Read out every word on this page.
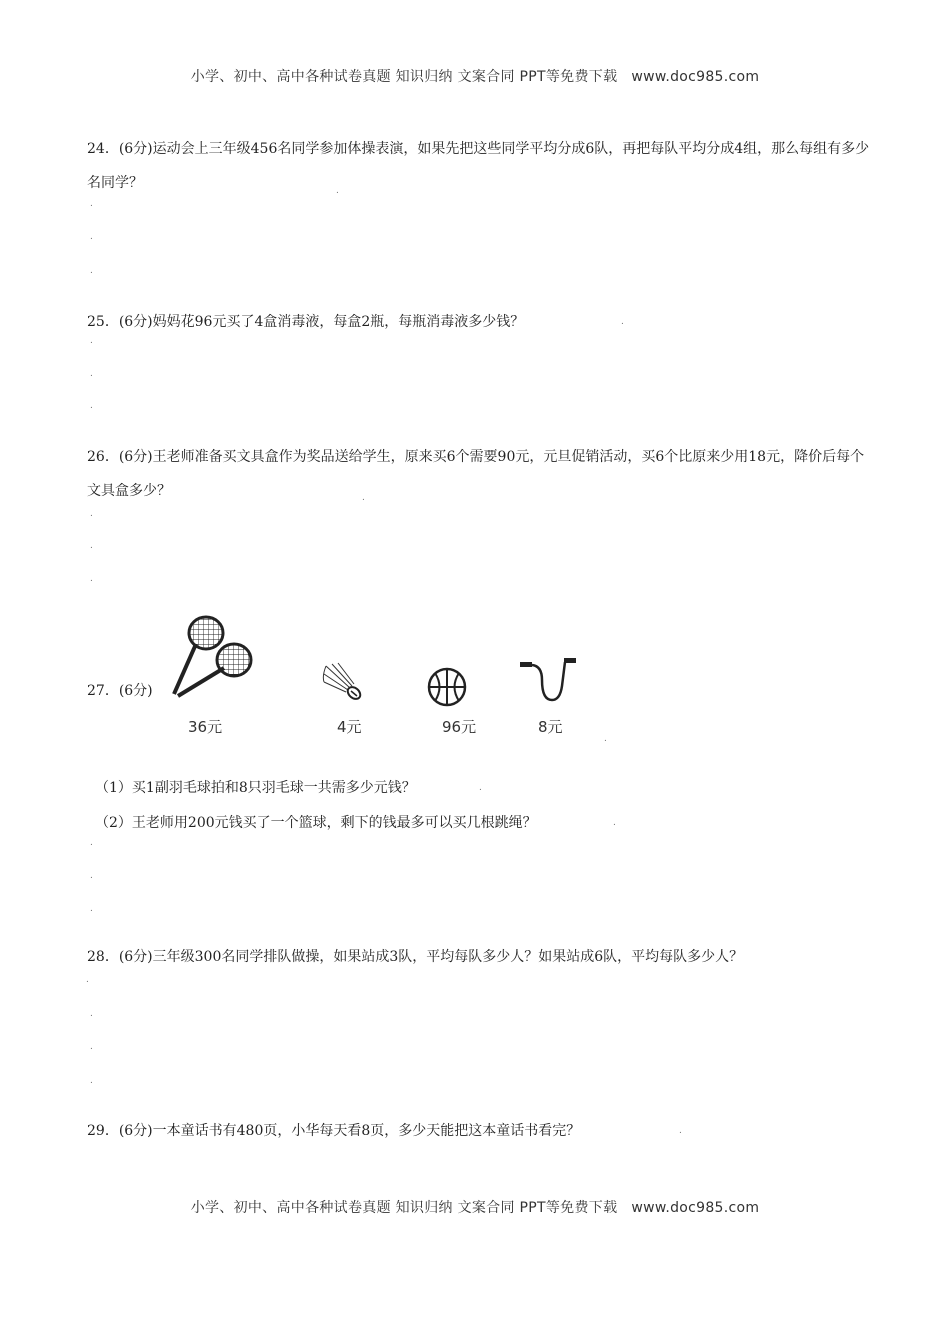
小学、初中、高中各种试卷真题 知识归纳 文案合同 PPT等免费下载 www.doc985.com
24．(6分)运动会上三年级456名同学参加体操表演，如果先把这些同学平均分成6队，再把每队平均分成4组，那么每组有多少名同学？	.
.
.
.
25．(6分)妈妈花96元买了4盒消毒液，每盒2瓶，每瓶消毒液多少钱？	.
.
.
.
26．(6分)王老师准备买文具盒作为奖品送给学生，原来买6个需要90元，元旦促销活动，买6个比原来少用18元，降价后每个文具盒多少？	.
.
.
.
27．(6分)
36元	4元	96元	8元
.
（1）买1副羽毛球拍和8只羽毛球一共需多少元钱？	.
（2）王老师用200元钱买了一个篮球，剩下的钱最多可以买几根跳绳？	.
.
.
.
28．(6分)三年级300名同学排队做操，如果站成3队，平均每队多少人？如果站成6队，平均每队多少人？
.
.
.
.
29．(6分)一本童话书有480页，小华每天看8页，多少天能把这本童话书看完？	.
小学、初中、高中各种试卷真题 知识归纳 文案合同 PPT等免费下载 www.doc985.com
